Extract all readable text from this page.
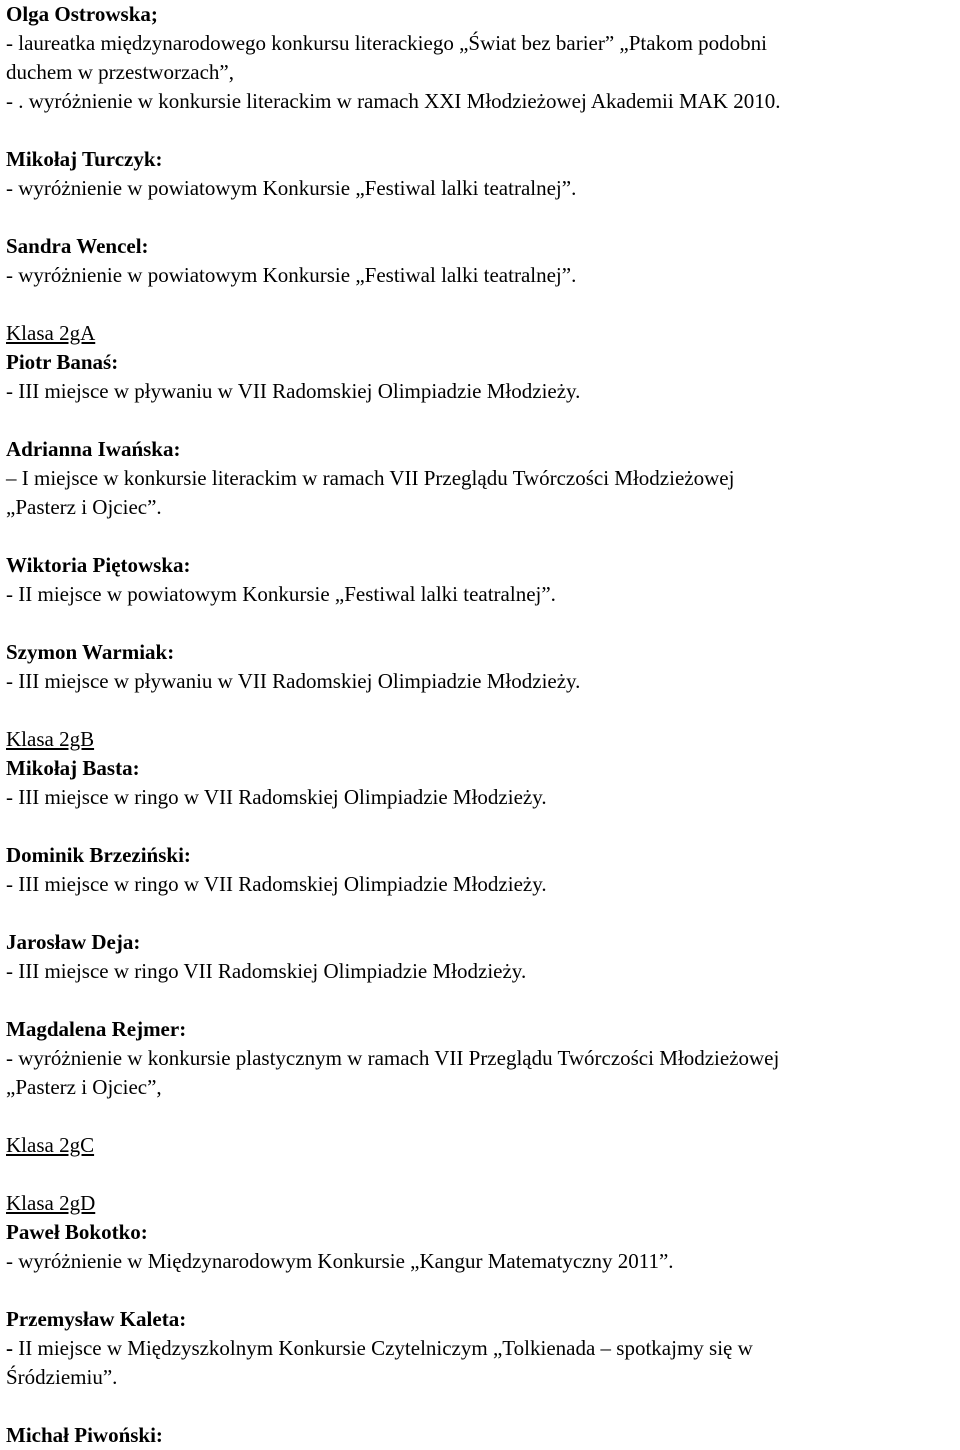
Olga Ostrowska;
- laureatka międzynarodowego konkursu literackiego „Świat bez barier” „Ptakom podobni
duchem w przestworzach”,
- . wyróżnienie w konkursie literackim w ramach XXI Młodzieżowej Akademii MAK 2010.
Mikołaj Turczyk:
- wyróżnienie w powiatowym Konkursie „Festiwal lalki teatralnej”.
Sandra Wencel:
- wyróżnienie w powiatowym Konkursie „Festiwal lalki teatralnej”.
Klasa 2gA
Piotr Banaś:
- III miejsce w pływaniu w VII Radomskiej Olimpiadzie Młodzieży.
Adrianna Iwańska:
– I miejsce w konkursie literackim w ramach VII Przeglądu Twórczości Młodzieżowej
„Pasterz i Ojciec”.
Wiktoria Piętowska:
- II miejsce w powiatowym Konkursie „Festiwal lalki teatralnej”.
Szymon Warmiak:
- III miejsce w pływaniu w VII Radomskiej Olimpiadzie Młodzieży.
Klasa 2gB
Mikołaj Basta:
- III miejsce w ringo w VII Radomskiej Olimpiadzie Młodzieży.
Dominik Brzeziński:
- III miejsce w ringo w VII Radomskiej Olimpiadzie Młodzieży.
Jarosław Deja:
- III miejsce w ringo VII Radomskiej Olimpiadzie Młodzieży.
Magdalena Rejmer:
- wyróżnienie w konkursie plastycznym w ramach VII Przeglądu Twórczości Młodzieżowej
„Pasterz i Ojciec”,
Klasa 2gC
Klasa 2gD
Paweł Bokotko:
- wyróżnienie w Międzynarodowym Konkursie „Kangur Matematyczny 2011”.
Przemysław Kaleta:
- II miejsce w Międzyszkolnym Konkursie Czytelniczym „Tolkienada – spotkajmy się w
Śródziemiu”.
Michał Piwoński:
